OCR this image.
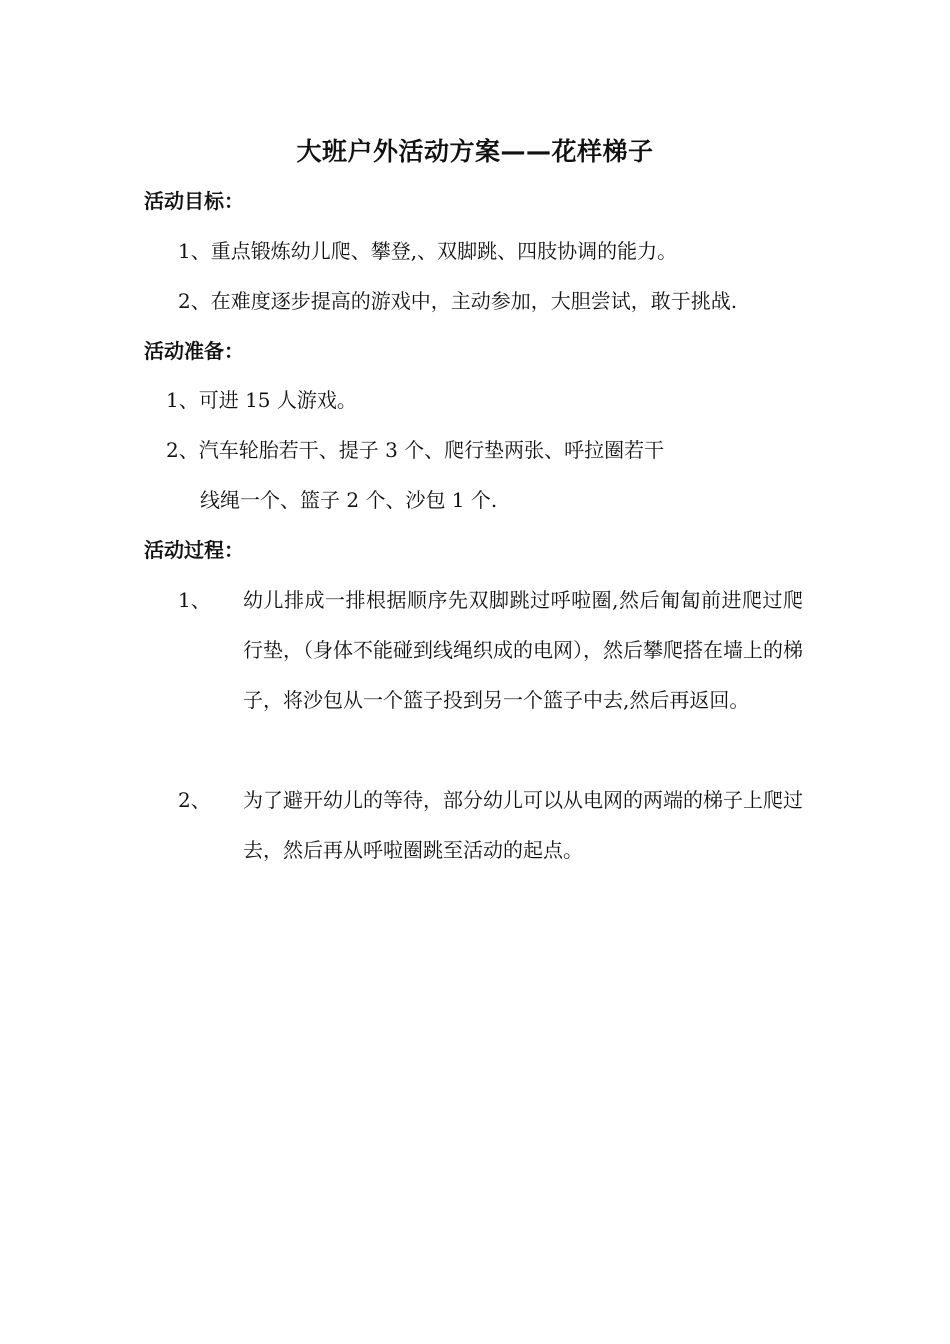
大班户外活动方案——花样梯子
活动目标：
1、重点锻炼幼儿爬、攀登,、双脚跳、四肢协调的能力。
2、在难度逐步提高的游戏中，主动参加，大胆尝试，敢于挑战.
活动准备：
1、可进 15 人游戏。
2、汽车轮胎若干、提子 3 个、爬行垫两张、呼拉圈若干
线绳一个、篮子 2 个、沙包 1 个.
活动过程：
1、 幼儿排成一排根据顺序先双脚跳过呼啦圈,然后匍匐前进爬过爬行垫，（身体不能碰到线绳织成的电网），然后攀爬搭在墙上的梯子，将沙包从一个篮子投到另一个篮子中去,然后再返回。
2、 为了避开幼儿的等待，部分幼儿可以从电网的两端的梯子上爬过去，然后再从呼啦圈跳至活动的起点。
